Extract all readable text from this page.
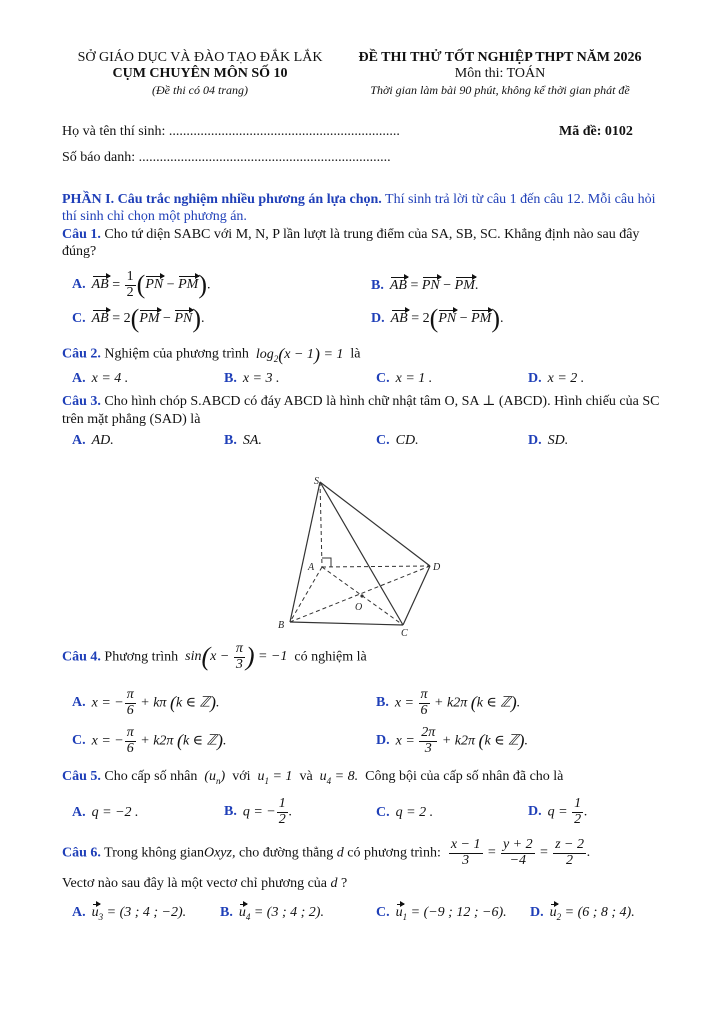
SỞ GIÁO DỤC VÀ ĐÀO TẠO ĐẮK LẮK
CỤM CHUYÊN MÔN SỐ 10
(Đề thi có 04 trang)
ĐỀ THI THỬ TỐT NGHIỆP THPT NĂM 2026
Môn thi: TOÁN
Thời gian làm bài 90 phút, không kể thời gian phát đề
Họ và tên thí sinh: ..................................................................	Mã đề: 0102
Số báo danh: ........................................................................
PHẦN I. Câu trắc nghiệm nhiều phương án lựa chọn. Thí sinh trả lời từ câu 1 đến câu 12. Mỗi câu hỏi thí sinh chỉ chọn một phương án.
Câu 1. Cho tứ diện SABC với M, N, P lần lượt là trung điểm của SA, SB, SC. Khẳng định nào sau đây đúng?
A. AB = $\frac{1}{2} (PN - PM)$.	B. AB = PN − PM.
C. AB = 2(PM − PN).	D. AB = 2(PN − PM).
Câu 2. Nghiệm của phương trình  $\log_2(x - 1) = 1$  là
A. x = 4 .	B. x = 3 .	C. x = 1 .	D. x = 2 .
Câu 3. Cho hình chóp S.ABCD có đáy ABCD là hình chữ nhật tâm O, SA ⊥ (ABCD). Hình chiếu của SC trên mặt phẳng (SAD) là
A. AD.	B. SA.	C. CD.	D. SD.
S
A
B
C
D
O
Câu 4. Phương trình  $\sin(x - \frac{\pi}{3}$ ) = −1  có nghiệm là
A. x = − $\frac{\pi}{6} + k\pi$ (k ∈ ℤ).	B. $x = \frac{\pi}{6} + k2\pi$ (k ∈ ℤ).
C. x = − $\frac{\pi}{6} + k2\pi$ (k ∈ ℤ).	D. $x = \frac{2\pi}{3} + k2\pi$ (k ∈ ℤ).
Câu 5. Cho cấp số nhân  $(u_n)$  với  $u_1 = 1$  và  $u_4 = 8$.  Công bội của cấp số nhân đã cho là
A. q = −2 .	B. q = − $\frac{1}{2}$ .	C. q = 2 .	D. $q = \frac{1}{2}$ .
Câu 6. Trong không gianOxyz, cho đường thẳng d có phương trình: $\frac{x - 1}{3} = \frac{y + 2}{-4} = \frac{z - 2}{2}$ .
Vectơ nào sau đây là một vectơ chỉ phương của d ?
A. $u_3 = (3$ ; 4 ; −2). B. $u_4 = (3$ ; 4 ; 2).	C. $u_1 = (-9$ ; 12 ; −6). D. $u_2 = (6$ ; 8 ; 4).
